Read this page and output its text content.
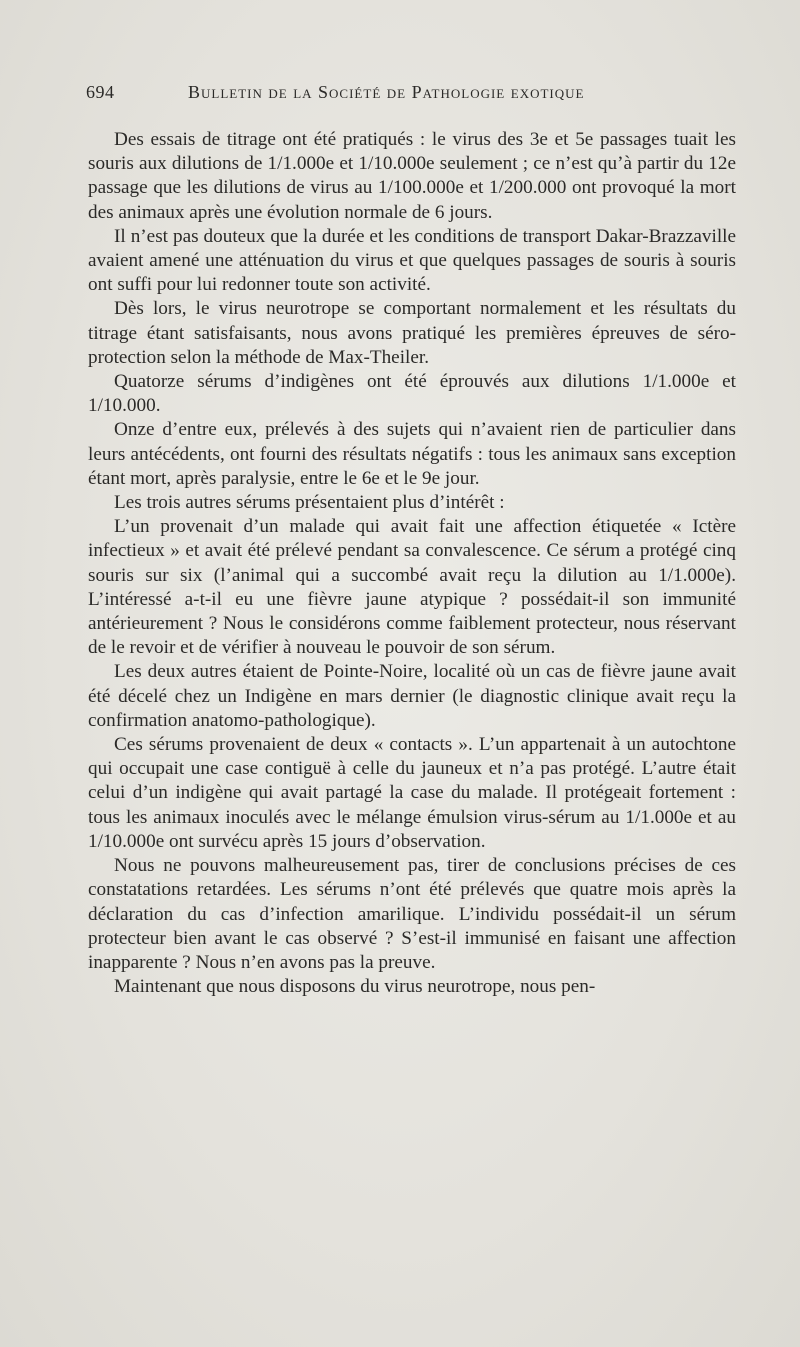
694	Bulletin de la Société de Pathologie exotique

Des essais de titrage ont été pratiqués : le virus des 3e et 5e passages tuait les souris aux dilutions de 1/1.000e et 1/10.000e seulement ; ce n’est qu’à partir du 12e passage que les dilutions de virus au 1/100.000e et 1/200.000 ont provoqué la mort des animaux après une évolution normale de 6 jours.

Il n’est pas douteux que la durée et les conditions de transport Dakar-Brazzaville avaient amené une atténuation du virus et que quelques passages de souris à souris ont suffi pour lui redonner toute son activité.

Dès lors, le virus neurotrope se comportant normalement et les résultats du titrage étant satisfaisants, nous avons pratiqué les premières épreuves de séro-protection selon la méthode de Max-Theiler.

Quatorze sérums d’indigènes ont été éprouvés aux dilutions 1/1.000e et 1/10.000.

Onze d’entre eux, prélevés à des sujets qui n’avaient rien de particulier dans leurs antécédents, ont fourni des résultats négatifs : tous les animaux sans exception étant mort, après paralysie, entre le 6e et le 9e jour.

Les trois autres sérums présentaient plus d’intérêt :

L’un provenait d’un malade qui avait fait une affection étiquetée « Ictère infectieux » et avait été prélevé pendant sa convalescence. Ce sérum a protégé cinq souris sur six (l’animal qui a succombé avait reçu la dilution au 1/1.000e). L’intéressé a-t-il eu une fièvre jaune atypique ? possédait-il son immunité antérieurement ? Nous le considérons comme faiblement protecteur, nous réservant de le revoir et de vérifier à nouveau le pouvoir de son sérum.

Les deux autres étaient de Pointe-Noire, localité où un cas de fièvre jaune avait été décelé chez un Indigène en mars dernier (le diagnostic clinique avait reçu la confirmation anatomo-pathologique).

Ces sérums provenaient de deux « contacts ». L’un appartenait à un autochtone qui occupait une case contiguë à celle du jauneux et n’a pas protégé. L’autre était celui d’un indigène qui avait partagé la case du malade. Il protégeait fortement : tous les animaux inoculés avec le mélange émulsion virus-sérum au 1/1.000e et au 1/10.000e ont survécu après 15 jours d’observation.

Nous ne pouvons malheureusement pas, tirer de conclusions précises de ces constatations retardées. Les sérums n’ont été prélevés que quatre mois après la déclaration du cas d’infection amarilique. L’individu possédait-il un sérum protecteur bien avant le cas observé ? S’est-il immunisé en faisant une affection inapparente ? Nous n’en avons pas la preuve.

Maintenant que nous disposons du virus neurotrope, nous pen-
